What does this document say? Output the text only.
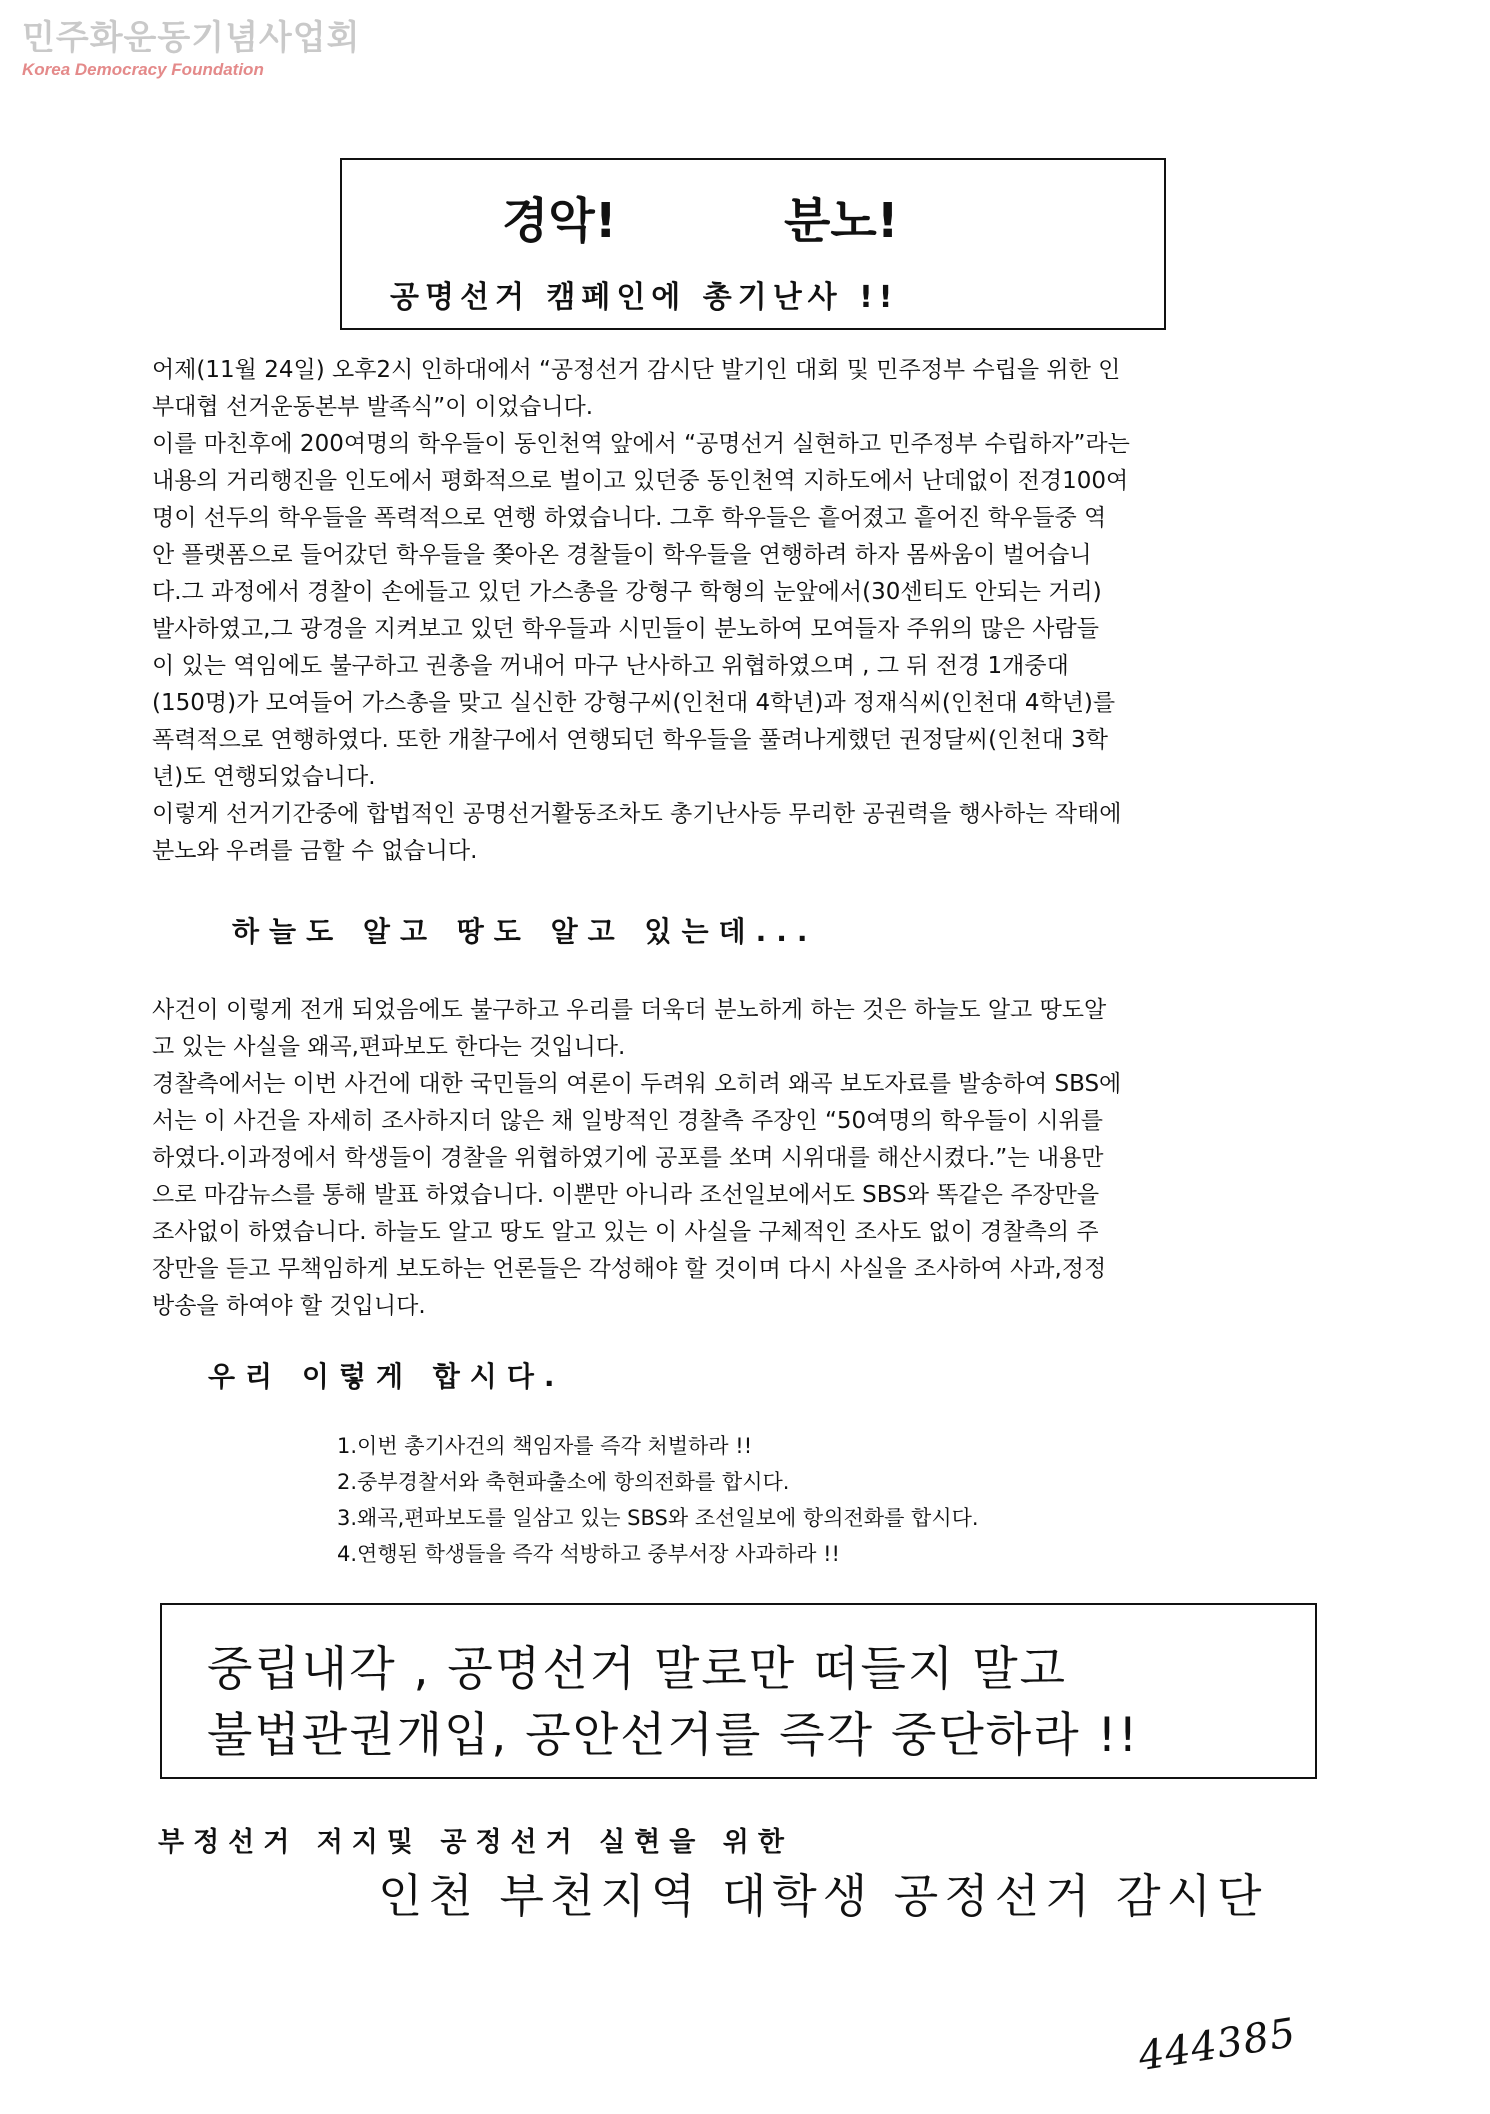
민주화운동기념사업회
Korea Democracy Foundation
경악!	분노!
공명선거 캠페인에 총기난사 !!

어제(11월 24일) 오후2시 인하대에서 “공정선거 감시단 발기인 대회 및 민주정부 수립을 위한 인

부대협 선거운동본부 발족식”이 이었습니다.

이를 마친후에 200여명의 학우들이 동인천역 앞에서 “공명선거 실현하고 민주정부 수립하자”라는

내용의 거리행진을 인도에서 평화적으로 벌이고 있던중 동인천역 지하도에서 난데없이 전경100여

명이 선두의 학우들을 폭력적으로 연행 하였습니다. 그후 학우들은 흩어졌고 흩어진 학우들중 역

안 플랫폼으로 들어갔던 학우들을 쫒아온 경찰들이 학우들을 연행하려 하자 몸싸움이 벌어습니

다.그 과정에서 경찰이 손에들고 있던 가스총을 강형구 학형의 눈앞에서(30센티도 안되는 거리)

발사하였고,그 광경을 지켜보고 있던 학우들과 시민들이 분노하여 모여들자 주위의 많은 사람들

이 있는 역임에도 불구하고 권총을 꺼내어 마구 난사하고 위협하였으며 , 그 뒤 전경 1개중대

(150명)가 모여들어 가스총을 맞고 실신한 강형구씨(인천대 4학년)과 정재식씨(인천대 4학년)를

폭력적으로 연행하였다. 또한 개찰구에서 연행되던 학우들을 풀려나게했던 권정달씨(인천대 3학

년)도 연행되었습니다.

이렇게 선거기간중에 합법적인 공명선거활동조차도 총기난사등 무리한 공권력을 행사하는 작태에

분노와 우려를 금할 수 없습니다.

하늘도 알고 땅도 알고 있는데...

사건이 이렇게 전개 되었음에도 불구하고 우리를 더욱더 분노하게 하는 것은 하늘도 알고 땅도알

고 있는 사실을 왜곡,편파보도 한다는 것입니다.

경찰측에서는 이번 사건에 대한 국민들의 여론이 두려워 오히려 왜곡 보도자료를 발송하여 SBS에

서는 이 사건을 자세히 조사하지더 않은 채 일방적인 경찰측 주장인 “50여명의 학우들이 시위를

하였다.이과정에서 학생들이 경찰을 위협하였기에 공포를 쏘며 시위대를 해산시켰다.”는 내용만

으로 마감뉴스를 통해 발표 하였습니다. 이뿐만 아니라 조선일보에서도 SBS와 똑같은 주장만을

조사없이 하였습니다. 하늘도 알고 땅도 알고 있는 이 사실을 구체적인 조사도 없이 경찰측의 주

장만을 듣고 무책임하게 보도하는 언론들은 각성해야 할 것이며 다시 사실을 조사하여 사과,정정

방송을 하여야 할 것입니다.

우리 이렇게 합시다.
1.이번 총기사건의 책임자를 즉각 처벌하라 !!
2.중부경찰서와 축현파출소에 항의전화를 합시다.
3.왜곡,편파보도를 일삼고 있는 SBS와 조선일보에 항의전화를 합시다.
4.연행된 학생들을 즉각 석방하고 중부서장 사과하라 !!
중립내각 , 공명선거 말로만 떠들지 말고
불법관권개입, 공안선거를 즉각 중단하라 !!
부정선거 저지및 공정선거 실현을 위한
인천 부천지역 대학생 공정선거 감시단
444385
